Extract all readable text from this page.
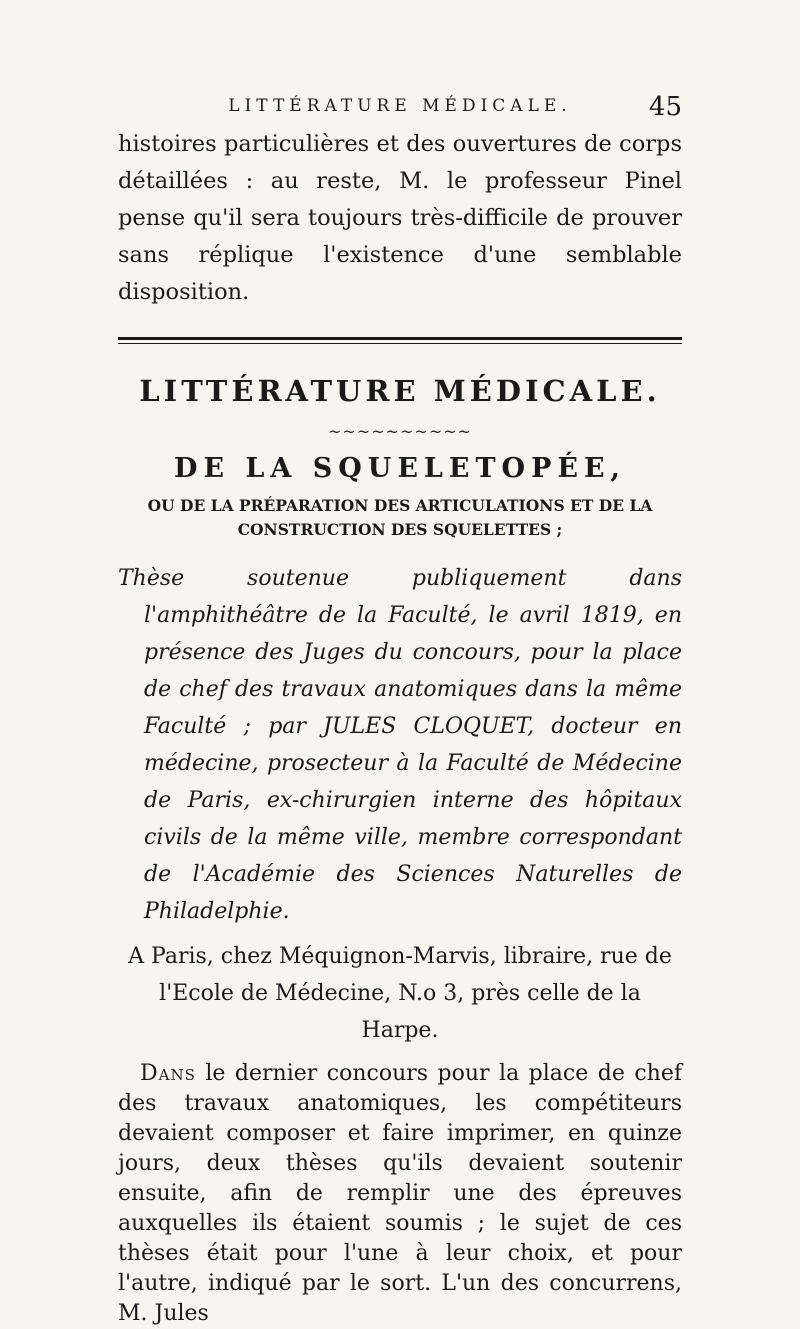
LITTÉRATURE MÉDICALE.	45

histoires particulières et des ouvertures de corps détaillées : au reste, M. le professeur Pinel pense qu'il sera toujours très-difficile de prouver sans réplique l'existence d'une semblable disposition.

LITTÉRATURE MÉDICALE.
~~~~~~~~~~
DE LA SQUELETOPÉE,
OU DE LA PRÉPARATION DES ARTICULATIONS ET DE LA
CONSTRUCTION DES SQUELETTES ;

Thèse soutenue publiquement dans l'amphithéâtre de la Faculté, le avril 1819, en présence des Juges du concours, pour la place de chef des travaux anatomiques dans la même Faculté ; par JULES CLOQUET, docteur en médecine, prosecteur à la Faculté de Médecine de Paris, ex-chirurgien interne des hôpitaux civils de la même ville, membre correspondant de l'Académie des Sciences Naturelles de Philadelphie.

A Paris, chez Méquignon-Marvis, libraire, rue de l'Ecole de Médecine, N.o 3, près celle de la Harpe.

Dans le dernier concours pour la place de chef des travaux anatomiques, les compétiteurs devaient composer et faire imprimer, en quinze jours, deux thèses qu'ils devaient soutenir ensuite, afin de remplir une des épreuves auxquelles ils étaient soumis ; le sujet de ces thèses était pour l'une à leur choix, et pour l'autre, indiqué par le sort. L'un des concurrens, M. Jules
